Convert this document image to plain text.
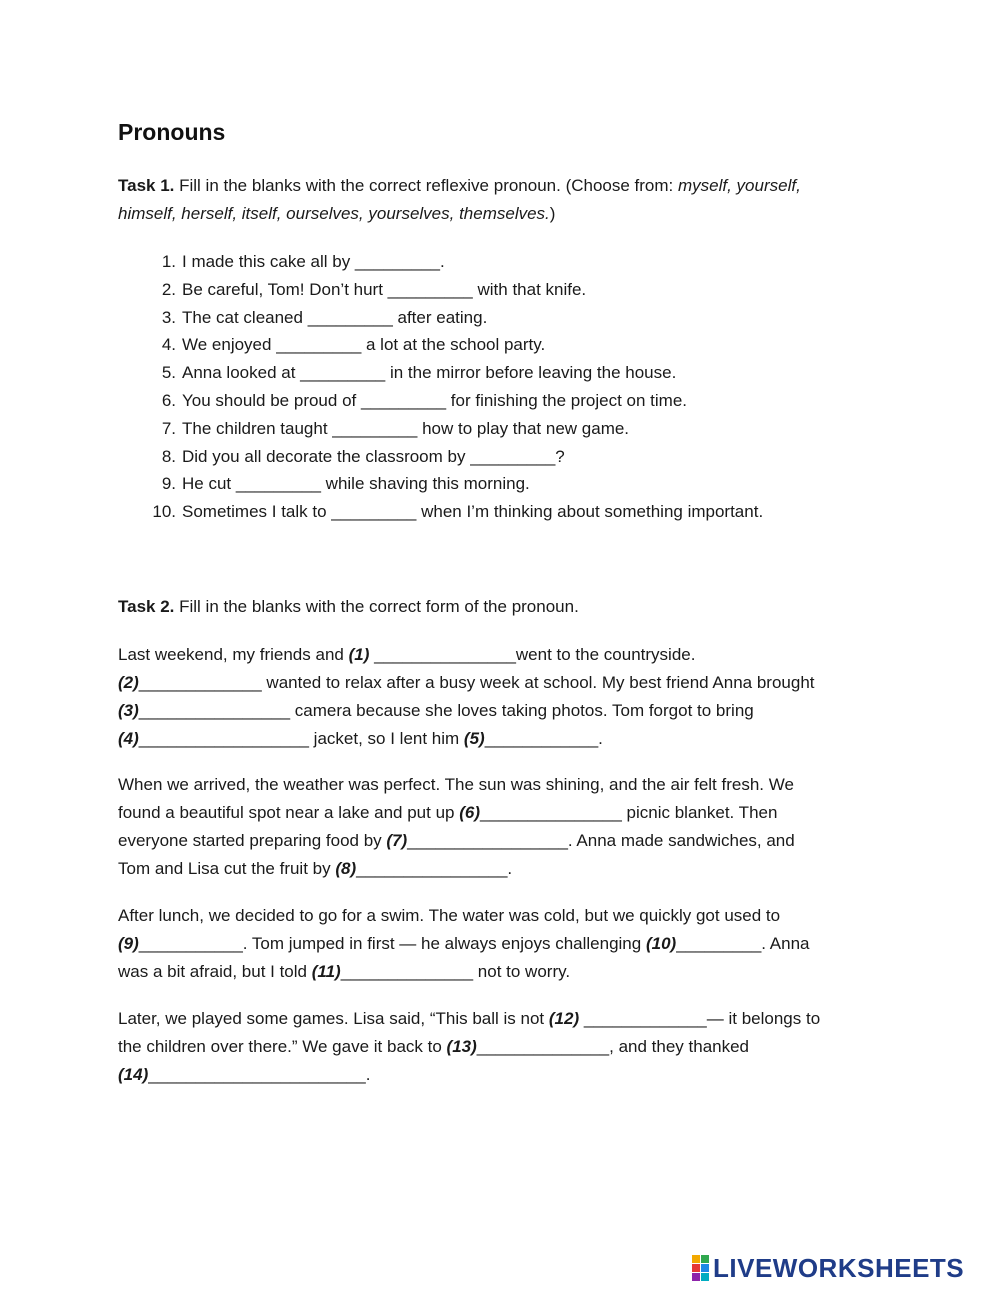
Pronouns
Task 1. Fill in the blanks with the correct reflexive pronoun. (Choose from: myself, yourself,
himself, herself, itself, ourselves, yourselves, themselves.)
1. I made this cake all by _________.
2. Be careful, Tom! Don’t hurt _________ with that knife.
3. The cat cleaned _________ after eating.
4. We enjoyed _________ a lot at the school party.
5. Anna looked at _________ in the mirror before leaving the house.
6. You should be proud of _________ for finishing the project on time.
7. The children taught _________ how to play that new game.
8. Did you all decorate the classroom by _________?
9. He cut _________ while shaving this morning.
10. Sometimes I talk to _________ when I’m thinking about something important.
Task 2. Fill in the blanks with the correct form of the pronoun.
Last weekend, my friends and (1) _______________went to the countryside.
(2)_____________ wanted to relax after a busy week at school. My best friend Anna brought
(3)________________ camera because she loves taking photos. Tom forgot to bring
(4)__________________ jacket, so I lent him (5)____________.
When we arrived, the weather was perfect. The sun was shining, and the air felt fresh. We
found a beautiful spot near a lake and put up (6)_______________ picnic blanket. Then
everyone started preparing food by (7)_________________. Anna made sandwiches, and
Tom and Lisa cut the fruit by (8)________________.
After lunch, we decided to go for a swim. The water was cold, but we quickly got used to
(9)___________. Tom jumped in first — he always enjoys challenging (10)_________. Anna
was a bit afraid, but I told (11)______________ not to worry.
Later, we played some games. Lisa said, “This ball is not (12) _____________— it belongs to
the children over there.” We gave it back to (13)______________, and they thanked
(14)_______________________.
LIVEWORKSHEETS
